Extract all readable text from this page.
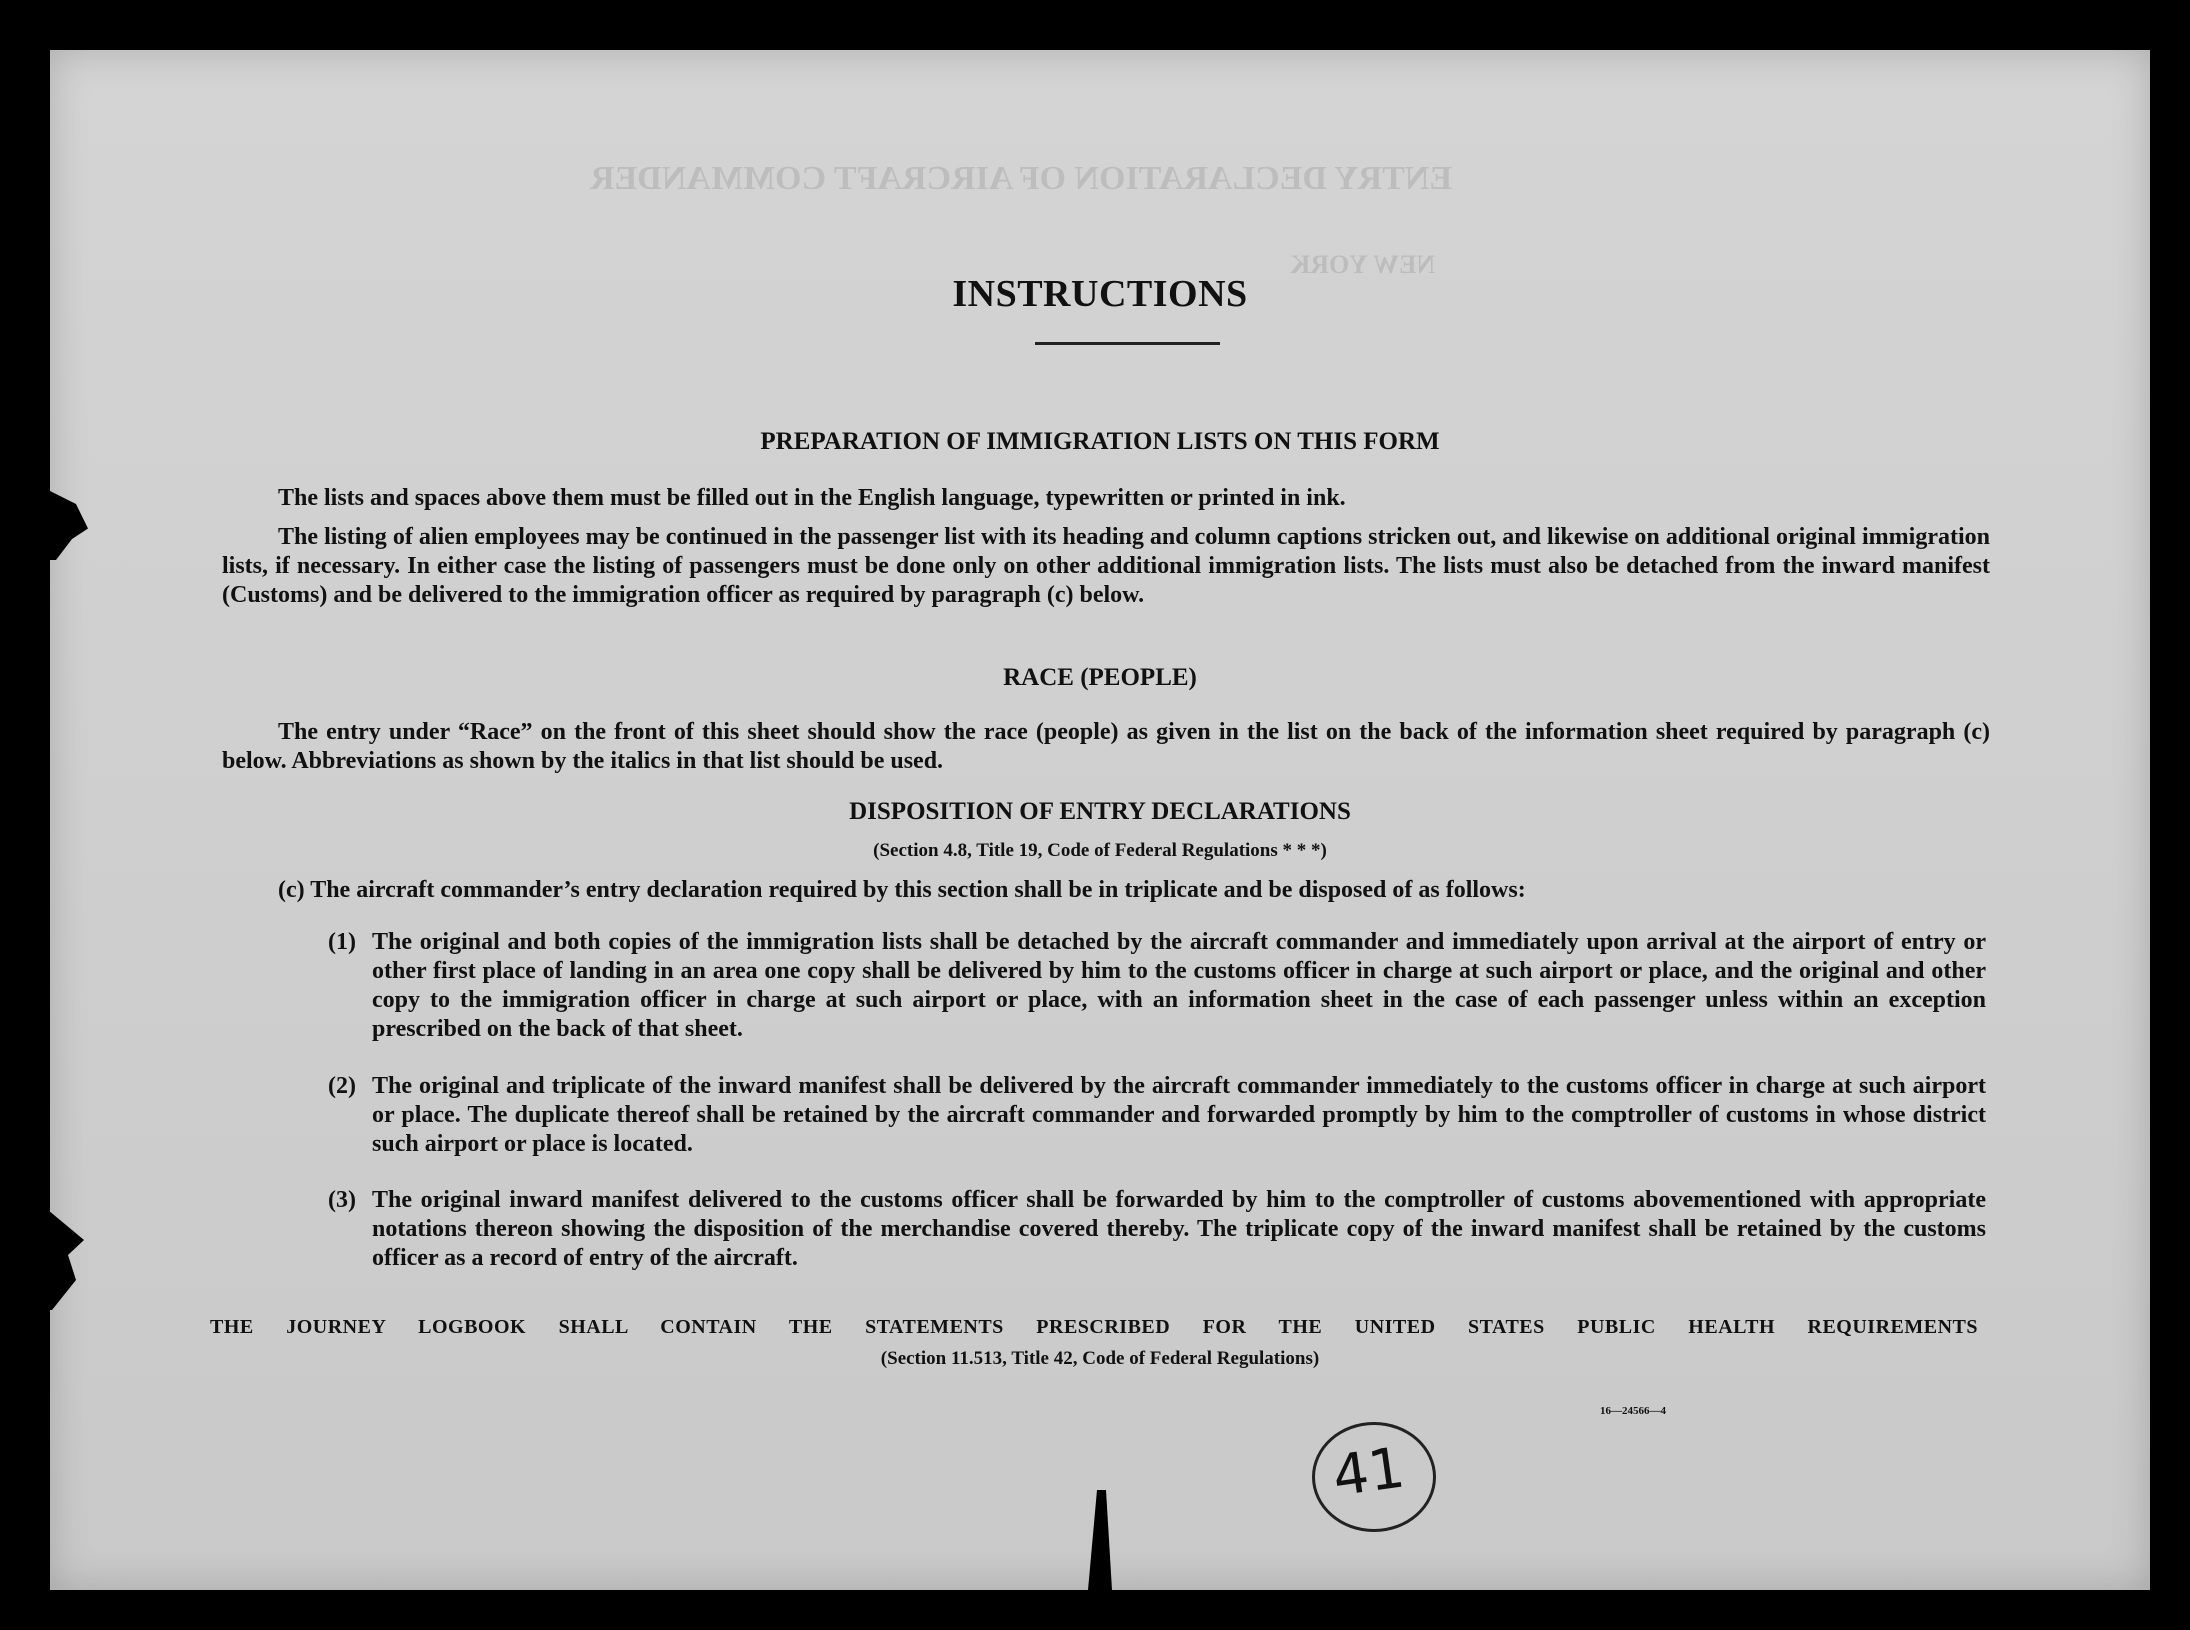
ENTRY DECLARATION OF AIRCRAFT COMMANDER
NEW YORK
INSTRUCTIONS
PREPARATION OF IMMIGRATION LISTS ON THIS FORM
The lists and spaces above them must be filled out in the English language, typewritten or printed in ink.
The listing of alien employees may be continued in the passenger list with its heading and column captions stricken out, and likewise on additional original immigration lists, if necessary. In either case the listing of passengers must be done only on other additional immigration lists. The lists must also be detached from the inward manifest (Customs) and be delivered to the immigration officer as required by paragraph (c) below.
RACE (PEOPLE)
The entry under “Race” on the front of this sheet should show the race (people) as given in the list on the back of the information sheet required by paragraph (c) below. Abbreviations as shown by the italics in that list should be used.
DISPOSITION OF ENTRY DECLARATIONS
(Section 4.8, Title 19, Code of Federal Regulations * * *)
(c) The aircraft commander’s entry declaration required by this section shall be in triplicate and be disposed of as follows:
(1) The original and both copies of the immigration lists shall be detached by the aircraft commander and immediately upon arrival at the airport of entry or other first place of landing in an area one copy shall be delivered by him to the customs officer in charge at such airport or place, and the original and other copy to the immigration officer in charge at such airport or place, with an information sheet in the case of each passenger unless within an exception prescribed on the back of that sheet.
(2) The original and triplicate of the inward manifest shall be delivered by the aircraft commander immediately to the customs officer in charge at such airport or place. The duplicate thereof shall be retained by the aircraft commander and forwarded promptly by him to the comptroller of customs in whose district such airport or place is located.
(3) The original inward manifest delivered to the customs officer shall be forwarded by him to the comptroller of customs abovementioned with appropriate notations thereon showing the disposition of the merchandise covered thereby. The triplicate copy of the inward manifest shall be retained by the customs officer as a record of entry of the aircraft.
THE JOURNEY LOGBOOK SHALL CONTAIN THE STATEMENTS PRESCRIBED FOR THE UNITED STATES PUBLIC HEALTH REQUIREMENTS
(Section 11.513, Title 42, Code of Federal Regulations)
16—24566—4
41
